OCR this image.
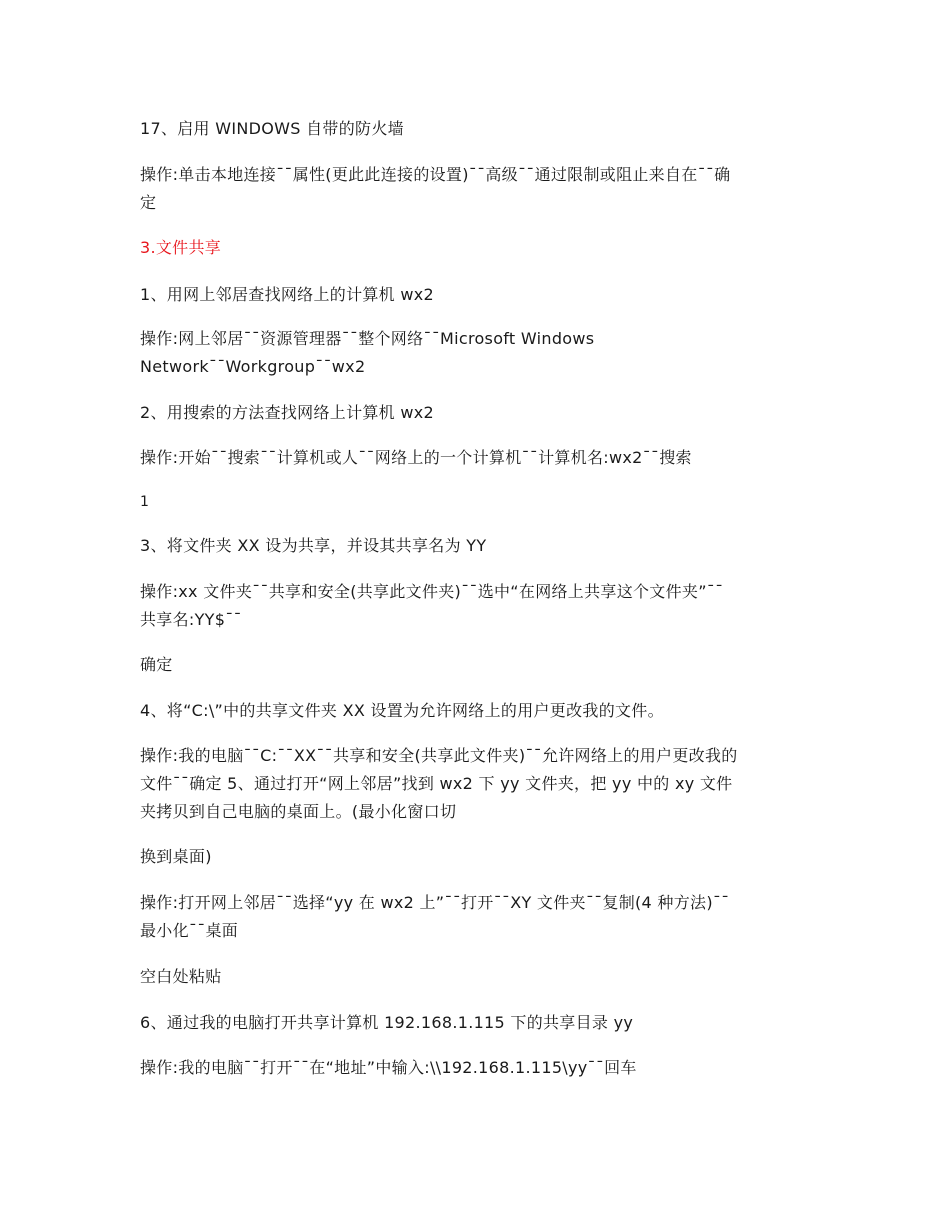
17、启用 WINDOWS 自带的防火墙

操作:单击本地连接¯¯属性(更此此连接的设置)¯¯高级¯¯通过限制或阻止来自在¯¯确
定

3.文件共享

1、用网上邻居查找网络上的计算机 wx2

操作:网上邻居¯¯资源管理器¯¯整个网络¯¯Microsoft Windows
Network¯¯Workgroup¯¯wx2

2、用搜索的方法查找网络上计算机 wx2

操作:开始¯¯搜索¯¯计算机或人¯¯网络上的一个计算机¯¯计算机名:wx2¯¯搜索

1

3、将文件夹 XX 设为共享，并设其共享名为 YY

操作:xx 文件夹¯¯共享和安全(共享此文件夹)¯¯选中“在网络上共享这个文件夹”¯¯
共享名:YY$¯¯

确定

4、将“C:\”中的共享文件夹 XX 设置为允许网络上的用户更改我的文件。

操作:我的电脑¯¯C:¯¯XX¯¯共享和安全(共享此文件夹)¯¯允许网络上的用户更改我的
文件¯¯确定 5、通过打开“网上邻居”找到 wx2 下 yy 文件夹，把 yy 中的 xy 文件
夹拷贝到自己电脑的桌面上。(最小化窗口切

换到桌面)

操作:打开网上邻居¯¯选择“yy 在 wx2 上”¯¯打开¯¯XY 文件夹¯¯复制(4 种方法)¯¯
最小化¯¯桌面

空白处粘贴

6、通过我的电脑打开共享计算机 192.168.1.115 下的共享目录 yy

操作:我的电脑¯¯打开¯¯在“地址”中输入:\\192.168.1.115\yy¯¯回车
